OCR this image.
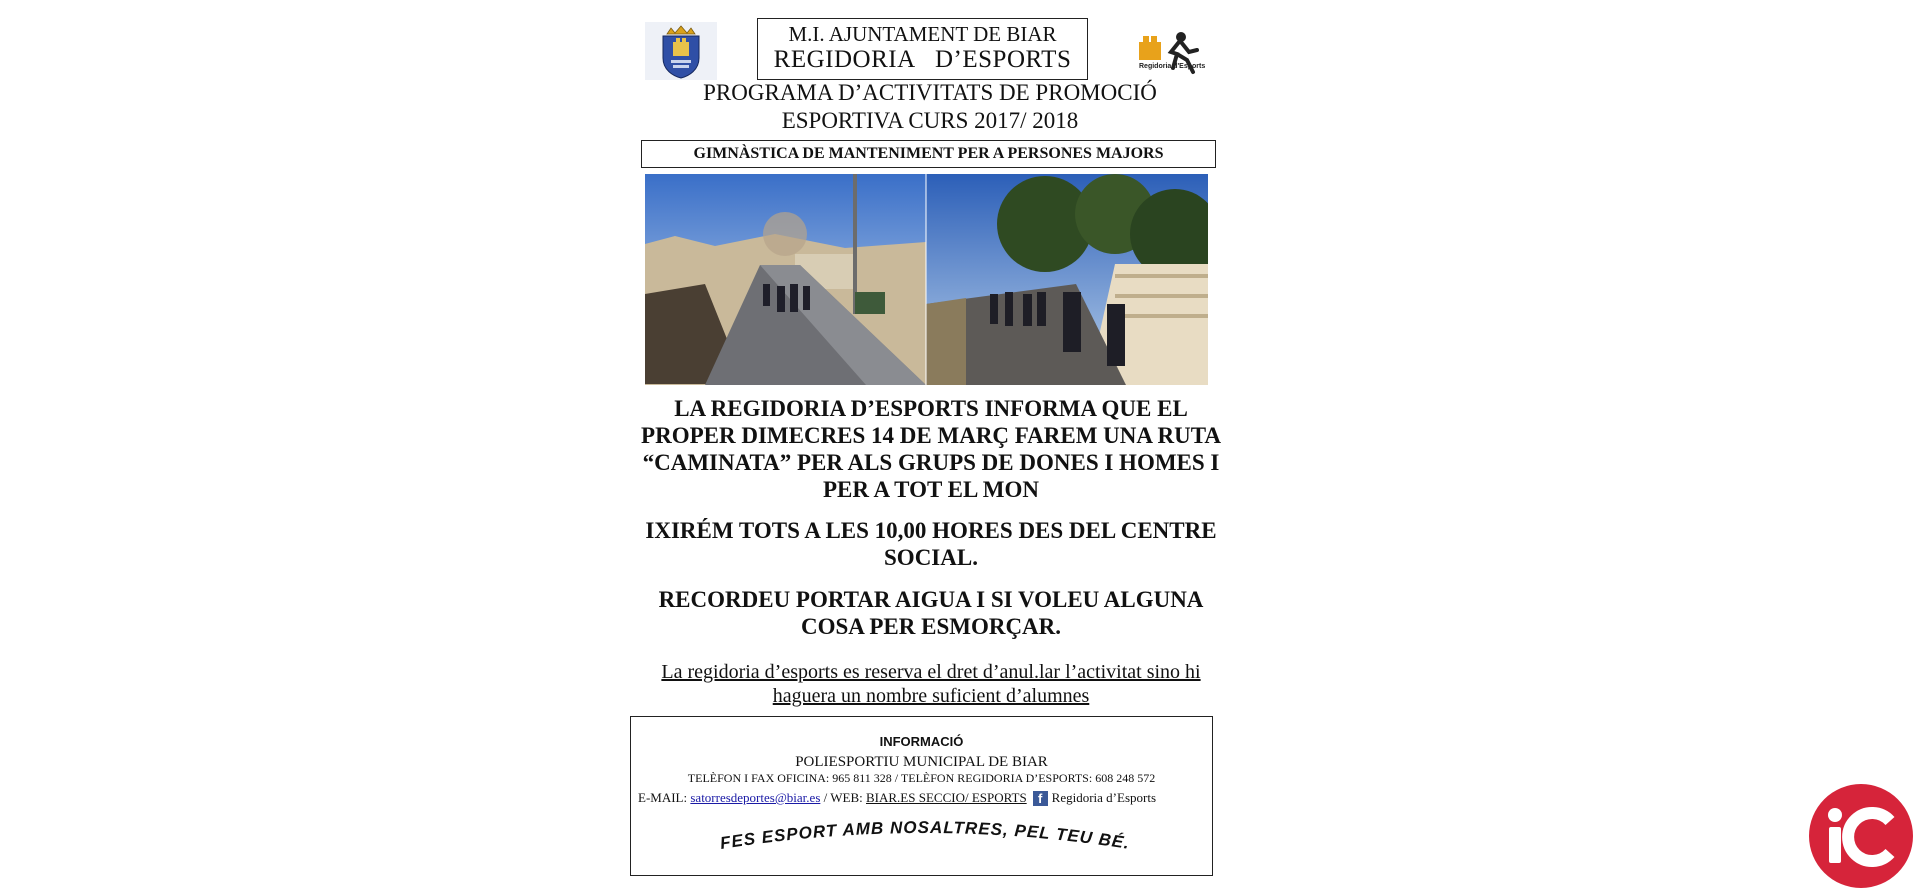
M.I. AJUNTAMENT DE BIAR
REGIDORIA D’ESPORTS	Regidoria d'Esports
PROGRAMA D’ACTIVITATS DE PROMOCIÓ
ESPORTIVA CURS 2017/ 2018
GIMNÀSTICA DE MANTENIMENT PER A PERSONES MAJORS
LA REGIDORIA D’ESPORTS INFORMA QUE EL PROPER DIMECRES 14 DE MARÇ FAREM UNA RUTA “CAMINATA” PER ALS GRUPS DE DONES I HOMES I PER A TOT EL MON
IXIRÉM TOTS A LES 10,00 HORES DES DEL CENTRE SOCIAL.
RECORDEU PORTAR AIGUA I SI VOLEU ALGUNA COSA PER ESMORÇAR.
La regidoria d’esports es reserva el dret d’anul.lar l’activitat sino hi haguera un nombre suficient d’alumnes
INFORMACIÓ
POLIESPORTIU MUNICIPAL DE BIAR
TELÈFON I FAX OFICINA: 965 811 328 / TELÈFON REGIDORIA D’ESPORTS: 608 248 572
E-MAIL: satorresdeportes@biar.es / WEB: BIAR.ES SECCIO/ ESPORTS f Regidoria d’Esports
FES ESPORT AMB NOSALTRES, PEL TEU BÉ.
